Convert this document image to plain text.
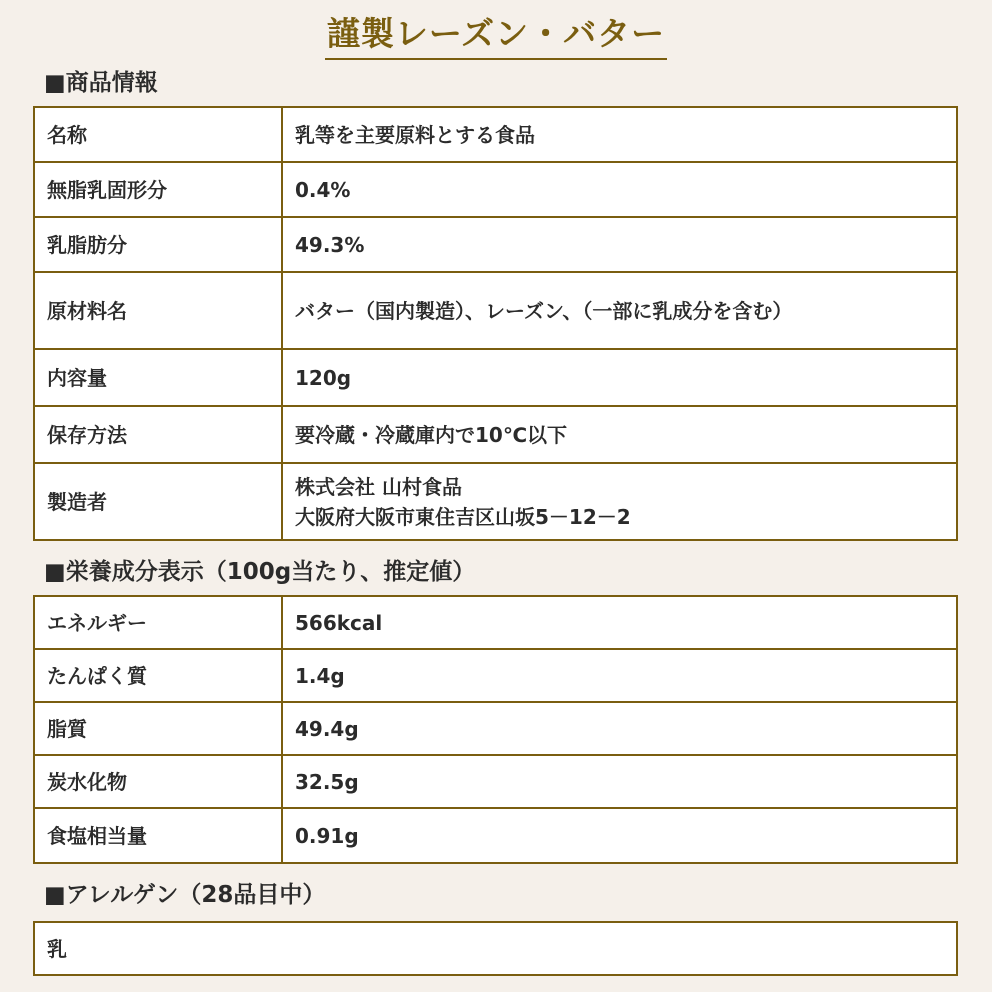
謹製レーズン・バター
■商品情報
名称	乳等を主要原料とする食品
無脂乳固形分	0.4%
乳脂肪分	49.3%
原材料名	バター（国内製造）、レーズン、（一部に乳成分を含む）
内容量	120g
保存方法	要冷蔵・冷蔵庫内で10℃以下
製造者	株式会社 山村食品
大阪府大阪市東住吉区山坂5－12－2
■栄養成分表示（100g当たり、推定値）
エネルギー	566kcal
たんぱく質	1.4g
脂質	49.4g
炭水化物	32.5g
食塩相当量	0.91g
■アレルゲン（28品目中）
乳
